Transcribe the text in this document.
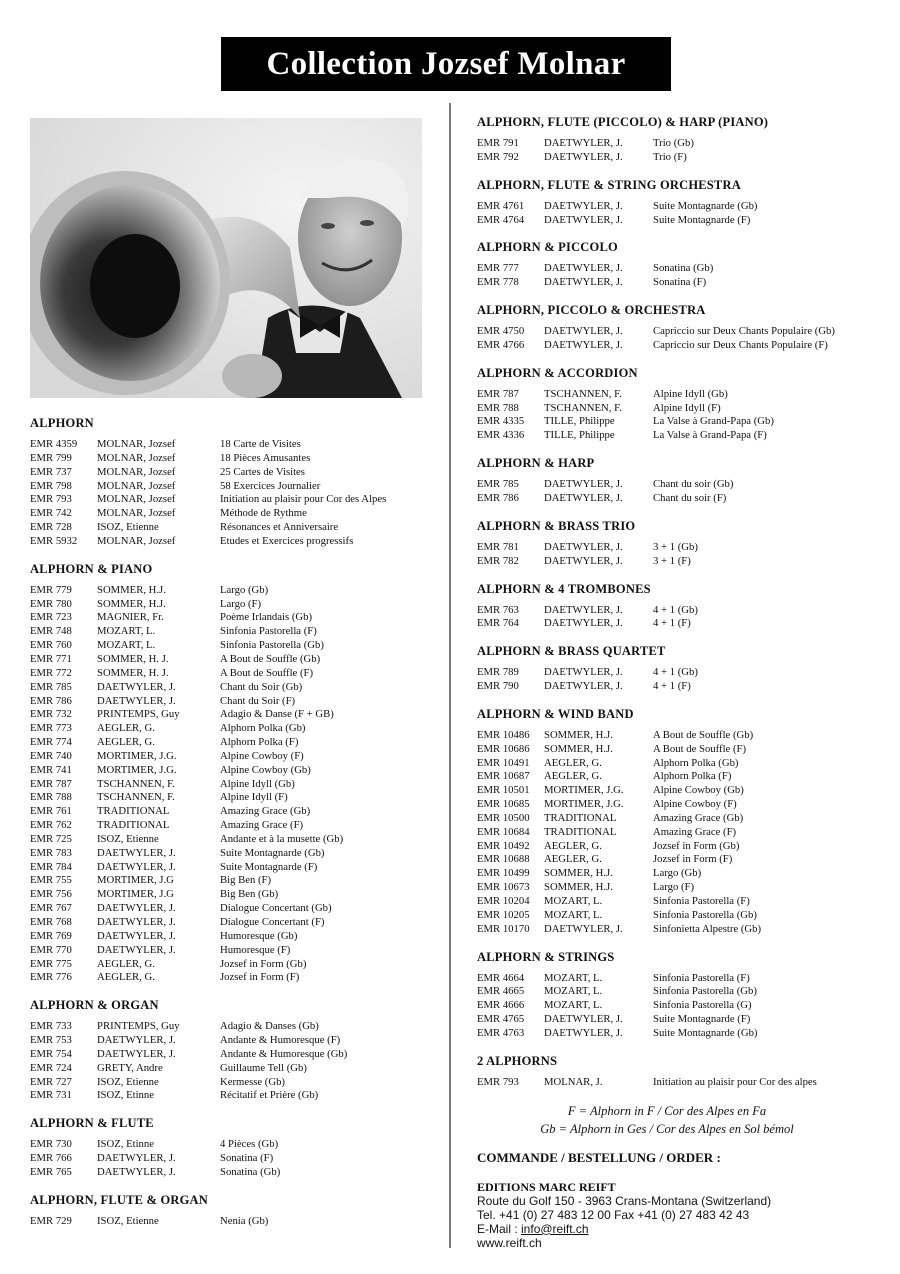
Collection Jozsef Molnar
ALPHORN
EMR 4359	MOLNAR, Jozsef	18 Carte de Visites
EMR 799	MOLNAR, Jozsef	18 Pièces Amusantes
EMR 737	MOLNAR, Jozsef	25 Cartes de Visites
EMR 798	MOLNAR, Jozsef	58 Exercices Journalier
EMR 793	MOLNAR, Jozsef	Initiation au plaisir pour Cor des Alpes
EMR 742	MOLNAR, Jozsef	Méthode de Rythme
EMR 728	ISOZ, Etienne	Résonances et Anniversaire
EMR 5932	MOLNAR, Jozsef	Etudes et Exercices progressifs
ALPHORN & PIANO
EMR 779	SOMMER, H.J.	Largo (Gb)
EMR 780	SOMMER, H.J.	Largo (F)
EMR 723	MAGNIER, Fr.	Poème Irlandais (Gb)
EMR 748	MOZART, L.	Sinfonia Pastorella (F)
EMR 760	MOZART, L.	Sinfonia Pastorella (Gb)
EMR 771	SOMMER, H. J.	A Bout de Souffle (Gb)
EMR 772	SOMMER, H. J.	A Bout de Souffle (F)
EMR 785	DAETWYLER, J.	Chant du Soir (Gb)
EMR 786	DAETWYLER, J.	Chant du Soir (F)
EMR 732	PRINTEMPS, Guy	Adagio & Danse (F + GB)
EMR 773	AEGLER, G.	Alphorn Polka (Gb)
EMR 774	AEGLER, G.	Alphorn Polka (F)
EMR 740	MORTIMER, J.G.	Alpine Cowboy (F)
EMR 741	MORTIMER, J.G.	Alpine Cowboy (Gb)
EMR 787	TSCHANNEN, F.	Alpine Idyll (Gb)
EMR 788	TSCHANNEN, F.	Alpine Idyll (F)
EMR 761	TRADITIONAL	Amazing Grace (Gb)
EMR 762	TRADITIONAL	Amazing Grace (F)
EMR 725	ISOZ, Etienne	Andante et à la musette (Gb)
EMR 783	DAETWYLER, J.	Suite Montagnarde (Gb)
EMR 784	DAETWYLER, J.	Suite Montagnarde (F)
EMR 755	MORTIMER, J.G	Big Ben (F)
EMR 756	MORTIMER, J.G	Big Ben (Gb)
EMR 767	DAETWYLER, J.	Dialogue Concertant (Gb)
EMR 768	DAETWYLER, J.	Dialogue Concertant (F)
EMR 769	DAETWYLER, J.	Humoresque (Gb)
EMR 770	DAETWYLER, J.	Humoresque (F)
EMR 775	AEGLER, G.	Jozsef in Form (Gb)
EMR 776	AEGLER, G.	Jozsef in Form (F)
ALPHORN & ORGAN
EMR 733	PRINTEMPS, Guy	Adagio & Danses (Gb)
EMR 753	DAETWYLER, J.	Andante & Humoresque (F)
EMR 754	DAETWYLER, J.	Andante & Humoresque (Gb)
EMR 724	GRETY, Andre	Guillaume Tell (Gb)
EMR 727	ISOZ, Etienne	Kermesse (Gb)
EMR 731	ISOZ, Etinne	Récitatif et Prière (Gb)
ALPHORN & FLUTE
EMR 730	ISOZ, Etinne	4 Pièces (Gb)
EMR 766	DAETWYLER, J.	Sonatina (F)
EMR 765	DAETWYLER, J.	Sonatina (Gb)
ALPHORN, FLUTE & ORGAN
EMR 729	ISOZ, Etienne	Nenia (Gb)
ALPHORN, FLUTE (PICCOLO) & HARP (PIANO)
EMR 791	DAETWYLER, J.	Trio (Gb)
EMR 792	DAETWYLER, J.	Trio (F)
ALPHORN, FLUTE & STRING ORCHESTRA
EMR 4761	DAETWYLER, J.	Suite Montagnarde (Gb)
EMR 4764	DAETWYLER, J.	Suite Montagnarde (F)
ALPHORN & PICCOLO
EMR 777	DAETWYLER, J.	Sonatina (Gb)
EMR 778	DAETWYLER, J.	Sonatina (F)
ALPHORN, PICCOLO & ORCHESTRA
EMR 4750	DAETWYLER, J.	Capriccio sur Deux Chants Populaire (Gb)
EMR 4766	DAETWYLER, J.	Capriccio sur Deux Chants Populaire (F)
ALPHORN & ACCORDION
EMR 787	TSCHANNEN, F.	Alpine Idyll (Gb)
EMR 788	TSCHANNEN, F.	Alpine Idyll (F)
EMR 4335	TILLE, Philippe	La Valse à Grand-Papa (Gb)
EMR 4336	TILLE, Philippe	La Valse à Grand-Papa (F)
ALPHORN & HARP
EMR 785	DAETWYLER, J.	Chant du soir (Gb)
EMR 786	DAETWYLER, J.	Chant du soir (F)
ALPHORN & BRASS TRIO
EMR 781	DAETWYLER, J.	3 + 1 (Gb)
EMR 782	DAETWYLER, J.	3 + 1 (F)
ALPHORN & 4 TROMBONES
EMR 763	DAETWYLER, J.	4 + 1 (Gb)
EMR 764	DAETWYLER, J.	4 + 1 (F)
ALPHORN & BRASS QUARTET
EMR 789	DAETWYLER, J.	4 + 1 (Gb)
EMR 790	DAETWYLER, J.	4 + 1 (F)
ALPHORN & WIND BAND
EMR 10486	SOMMER, H.J.	A Bout de Souffle (Gb)
EMR 10686	SOMMER, H.J.	A Bout de Souffle (F)
EMR 10491	AEGLER, G.	Alphorn Polka (Gb)
EMR 10687	AEGLER, G.	Alphorn Polka (F)
EMR 10501	MORTIMER, J.G.	Alpine Cowboy (Gb)
EMR 10685	MORTIMER, J.G.	Alpine Cowboy (F)
EMR 10500	TRADITIONAL	Amazing Grace (Gb)
EMR 10684	TRADITIONAL	Amazing Grace (F)
EMR 10492	AEGLER, G.	Jozsef in Form (Gb)
EMR 10688	AEGLER, G.	Jozsef in Form (F)
EMR 10499	SOMMER, H.J.	Largo (Gb)
EMR 10673	SOMMER, H.J.	Largo (F)
EMR 10204	MOZART, L.	Sinfonia Pastorella (F)
EMR 10205	MOZART, L.	Sinfonia Pastorella (Gb)
EMR 10170	DAETWYLER, J.	Sinfonietta Alpestre (Gb)
ALPHORN & STRINGS
EMR 4664	MOZART, L.	Sinfonia Pastorella (F)
EMR 4665	MOZART, L.	Sinfonia Pastorella (Gb)
EMR 4666	MOZART, L.	Sinfonia Pastorella (G)
EMR 4765	DAETWYLER, J.	Suite Montagnarde (F)
EMR 4763	DAETWYLER, J.	Suite Montagnarde (Gb)
2 ALPHORNS
EMR 793	MOLNAR, J.	Initiation au plaisir pour Cor des alpes
F = Alphorn in F / Cor des Alpes en Fa
Gb = Alphorn in Ges / Cor des Alpes en Sol bémol
COMMANDE / BESTELLUNG / ORDER :
EDITIONS MARC REIFT
Route du Golf 150 - 3963 Crans-Montana (Switzerland)
Tel. +41 (0) 27 483 12 00 Fax +41 (0) 27 483 42 43
E-Mail : info@reift.ch
www.reift.ch
